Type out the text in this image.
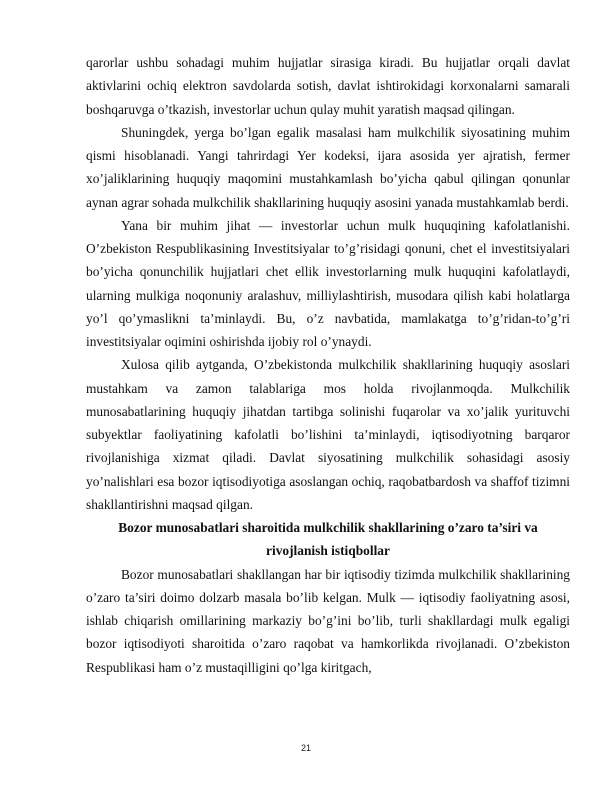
qarorlar ushbu sohadagi muhim hujjatlar sirasiga kiradi. Bu hujjatlar orqali davlat aktivlarini ochiq elektron savdolarda sotish, davlat ishtirokidagi korxonalarni samarali boshqaruvga o’tkazish, investorlar uchun qulay muhit yaratish maqsad qilingan.

Shuningdek, yerga bo’lgan egalik masalasi ham mulkchilik siyosatining muhim qismi hisoblanadi. Yangi tahrirdagi Yer kodeksi, ijara asosida yer ajratish, fermer xo’jaliklarining huquqiy maqomini mustahkamlash bo’yicha qabul qilingan qonunlar aynan agrar sohada mulkchilik shakllarining huquqiy asosini yanada mustahkamlab berdi.

Yana bir muhim jihat — investorlar uchun mulk huquqining kafolatlanishi. O’zbekiston Respublikasining Investitsiyalar to’g’risidagi qonuni, chet el investitsiyalari bo’yicha qonunchilik hujjatlari chet ellik investorlarning mulk huquqini kafolatlaydi, ularning mulkiga noqonuniy aralashuv, milliylashtirish, musodara qilish kabi holatlarga yo’l qo’ymaslikni ta’minlaydi. Bu, o’z navbatida, mamlakatga to’g’ridan-to’g’ri investitsiyalar oqimini oshirishda ijobiy rol o’ynaydi.

Xulosa qilib aytganda, O’zbekistonda mulkchilik shakllarining huquqiy asoslari mustahkam va zamon talablariga mos holda rivojlanmoqda. Mulkchilik munosabatlarining huquqiy jihatdan tartibga solinishi fuqarolar va xo’jalik yurituvchi subyektlar faoliyatining kafolatli bo’lishini ta’minlaydi, iqtisodiyotning barqaror rivojlanishiga xizmat qiladi. Davlat siyosatining mulkchilik sohasidagi asosiy yo’nalishlari esa bozor iqtisodiyotiga asoslangan ochiq, raqobatbardosh va shaffof tizimni shakllantirishni maqsad qilgan.

Bozor munosabatlari sharoitida mulkchilik shakllarining o’zaro ta’siri va rivojlanish istiqbollar

Bozor munosabatlari shakllangan har bir iqtisodiy tizimda mulkchilik shakllarining o’zaro ta’siri doimo dolzarb masala bo’lib kelgan. Mulk — iqtisodiy faoliyatning asosi, ishlab chiqarish omillarining markaziy bo’g’ini bo’lib, turli shakllardagi mulk egaligi bozor iqtisodiyoti sharoitida o’zaro raqobat va hamkorlikda rivojlanadi. O’zbekiston Respublikasi ham o’z mustaqilligini qo’lga kiritgach,

21
